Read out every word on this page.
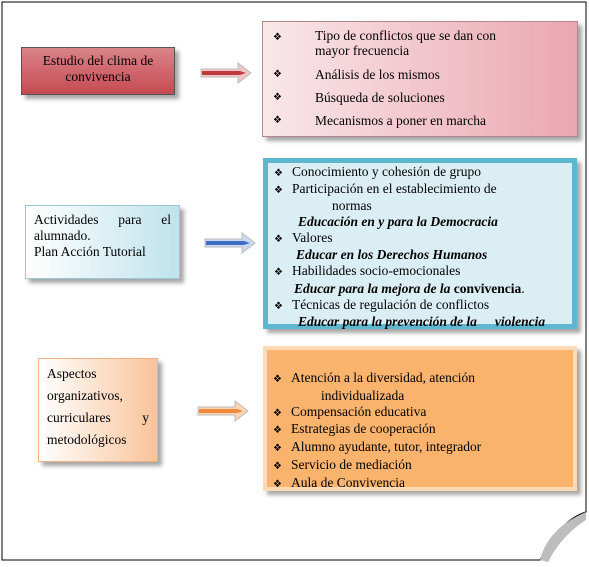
Estudio del clima de convivencia
Actividades para el alumnado.
Plan Acción Tutorial
Aspectos organizativos, curriculares y metodológicos
❖	Tipo de conflictos que se dan con
mayor frecuencia
❖	Análisis de los mismos
❖	Búsqueda de soluciones
❖	Mecanismos a poner en marcha
❖ Conocimiento y cohesión de grupo
❖ Participación en el establecimiento de
normas
Educación en y para la Democracia
❖ Valores
Educar en los Derechos Humanos
❖ Habilidades socio-emocionales
Educar para la mejora de la convivencia.
❖ Técnicas de regulación de conflictos
Educar para la prevención de la violencia
❖ Atención a la diversidad, atención
individualizada
❖ Compensación educativa
❖ Estrategias de cooperación
❖ Alumno ayudante, tutor, integrador
❖ Servicio de mediación
❖ Aula de Convivencia
